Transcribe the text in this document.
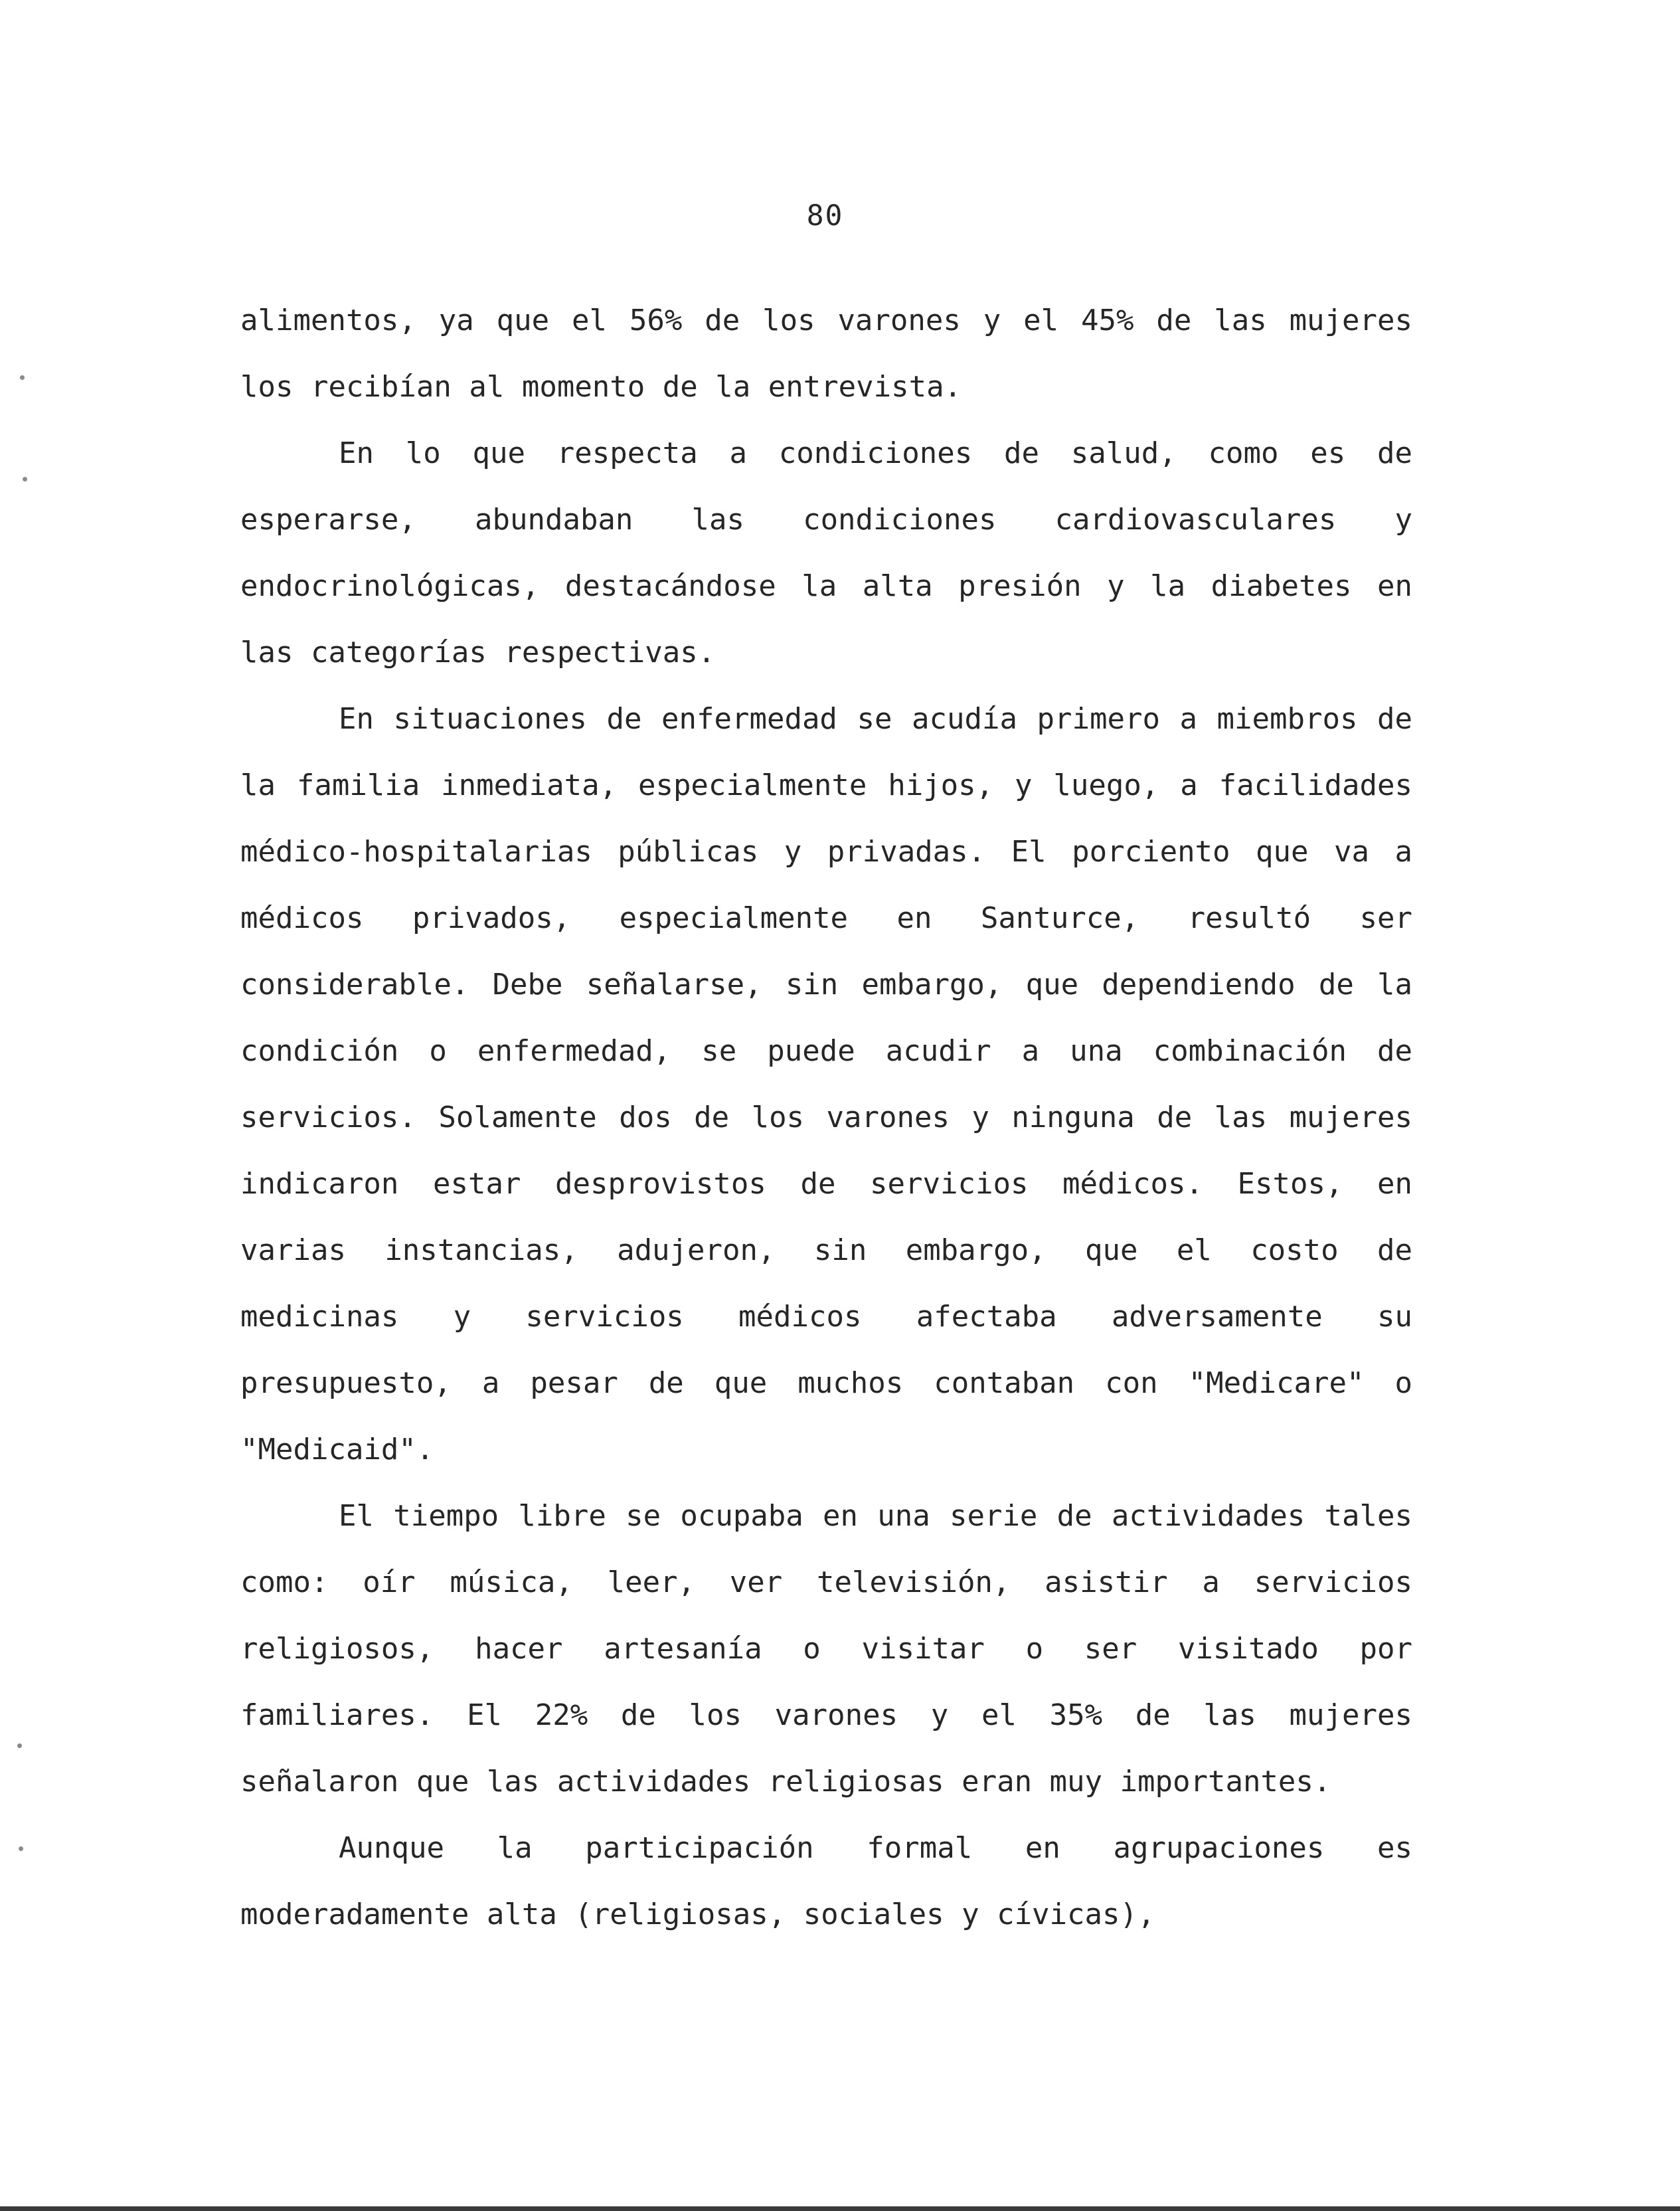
80

alimentos, ya que el 56% de los varones y el 45% de las mujeres los recibían al momento de la entrevista.

En lo que respecta a condiciones de salud, como es de esperarse, abundaban las condiciones cardiovasculares y endocrinológicas, destacándose la alta presión y la diabetes en las categorías respectivas.

En situaciones de enfermedad se acudía primero a miembros de la familia inmediata, especialmente hijos, y luego, a facilidades médico-hospitalarias públicas y privadas. El porciento que va a médicos privados, especialmente en Santurce, resultó ser considerable. Debe señalarse, sin embargo, que dependiendo de la condición o enfermedad, se puede acudir a una combinación de servicios. Solamente dos de los varones y ninguna de las mujeres indicaron estar desprovistos de servicios médicos. Estos, en varias instancias, adujeron, sin embargo, que el costo de medicinas y servicios médicos afectaba adversamente su presupuesto, a pesar de que muchos contaban con "Medicare" o "Medicaid".

El tiempo libre se ocupaba en una serie de actividades tales como: oír música, leer, ver televisión, asistir a servicios religiosos, hacer artesanía o visitar o ser visitado por familiares. El 22% de los varones y el 35% de las mujeres señalaron que las actividades religiosas eran muy importantes.

Aunque la participación formal en agrupaciones es moderadamente alta (religiosas, sociales y cívicas),
